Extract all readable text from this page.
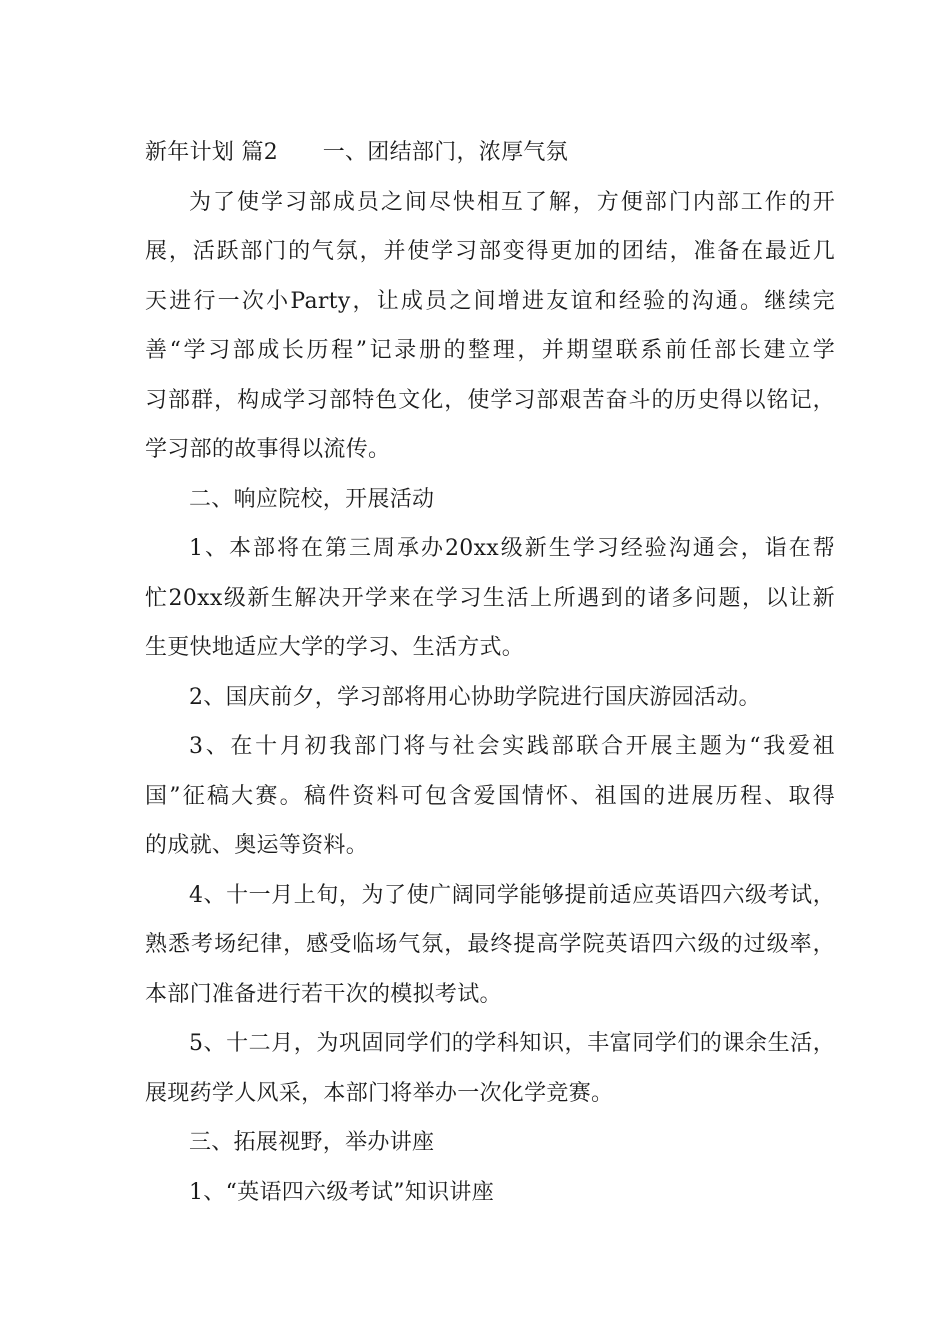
新年计划 篇2　　一、团结部门，浓厚气氛

为了使学习部成员之间尽快相互了解，方便部门内部工作的开

展，活跃部门的气氛，并使学习部变得更加的团结，准备在最近几

天进行一次小Party，让成员之间增进友谊和经验的沟通。继续完

善“学习部成长历程”记录册的整理，并期望联系前任部长建立学

习部群，构成学习部特色文化，使学习部艰苦奋斗的历史得以铭记，

学习部的故事得以流传。

二、响应院校，开展活动

1、本部将在第三周承办20xx级新生学习经验沟通会，诣在帮

忙20xx级新生解决开学来在学习生活上所遇到的诸多问题，以让新

生更快地适应大学的学习、生活方式。

2、国庆前夕，学习部将用心协助学院进行国庆游园活动。

3、在十月初我部门将与社会实践部联合开展主题为“我爱祖

国”征稿大赛。稿件资料可包含爱国情怀、祖国的进展历程、取得

的成就、奥运等资料。

4、十一月上旬，为了使广阔同学能够提前适应英语四六级考试，

熟悉考场纪律，感受临场气氛，最终提高学院英语四六级的过级率，

本部门准备进行若干次的模拟考试。

5、十二月，为巩固同学们的学科知识，丰富同学们的课余生活，

展现药学人风采，本部门将举办一次化学竞赛。

三、拓展视野，举办讲座

1、“英语四六级考试”知识讲座
